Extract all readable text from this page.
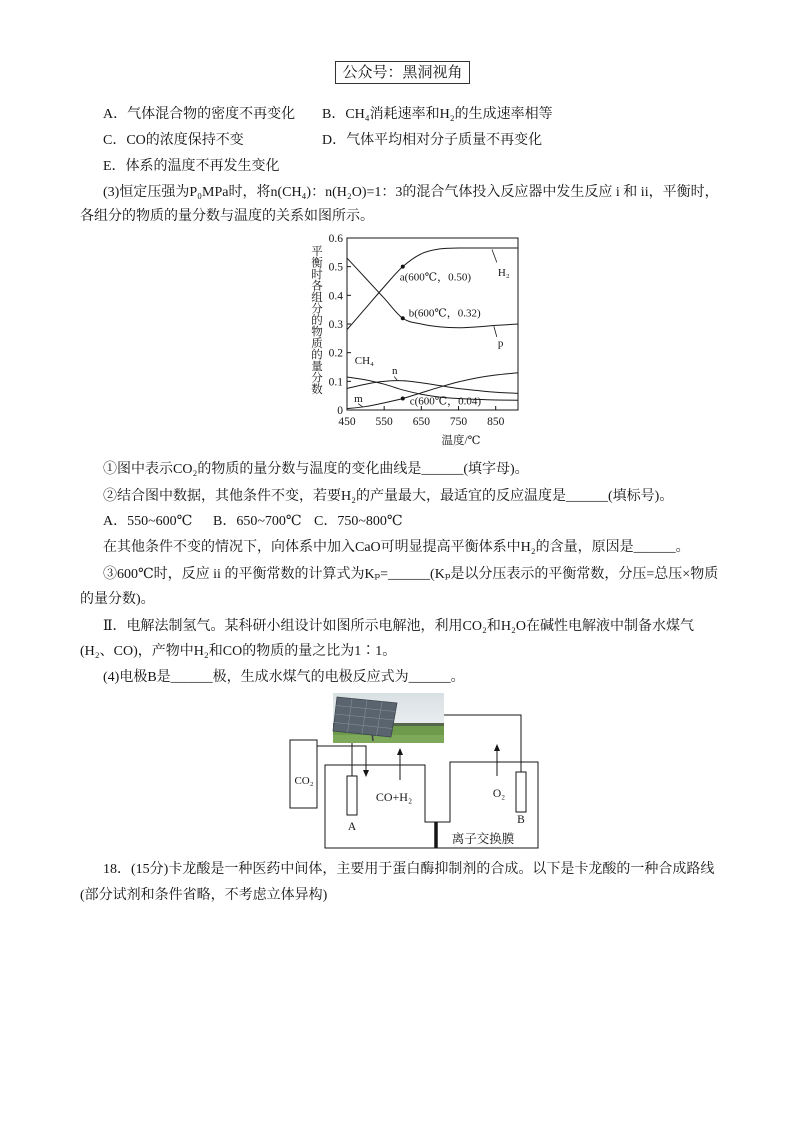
公众号：黑洞视角
A．气体混合物的密度不再变化 B．CH₄消耗速率和H₂的生成速率相等
C．CO的浓度保持不变	D．气体平均相对分子质量不再变化
E．体系的温度不再发生变化
(3)恒定压强为P₀MPa时，将n(CH₄)：n(H₂O)=1：3的混合气体投入反应器中发生反应 i 和 ii，平衡时，
各组分的物质的量分数与温度的关系如图所示。
0
0.1
0.2
0.3
0.4
0.5
0.6
450 550 650 750 850
H₂
p
CH₄
n
m
a(600℃，0.50)
b(600℃，0.32)
c(600℃，0.04)
温度/℃
平衡时各组分的物质的量分数
①图中表示CO₂的物质的量分数与温度的变化曲线是______(填字母)。
②结合图中数据，其他条件不变，若要H₂的产量最大，最适宜的反应温度是______(填标号)。
A．550~600℃ B．650~700℃ C．750~800℃
在其他条件不变的情况下，向体系中加入CaO可明显提高平衡体系中H₂的含量，原因是______。
③600℃时，反应 ii 的平衡常数的计算式为Kₚ=______(Kₚ是以分压表示的平衡常数，分压=总压×物质
的量分数)。
Ⅱ．电解法制氢气。某科研小组设计如图所示电解池，利用CO₂和H₂O在碱性电解液中制备水煤气
(H₂、CO)，产物中H₂和CO的物质的量之比为1∶1。
(4)电极B是______极，生成水煤气的电极反应式为______。
CO₂
A
CO+H₂	O₂
B
离子交换膜
18．(15分)卡龙酸是一种医药中间体，主要用于蛋白酶抑制剂的合成。以下是卡龙酸的一种合成路线
(部分试剂和条件省略，不考虑立体异构)
